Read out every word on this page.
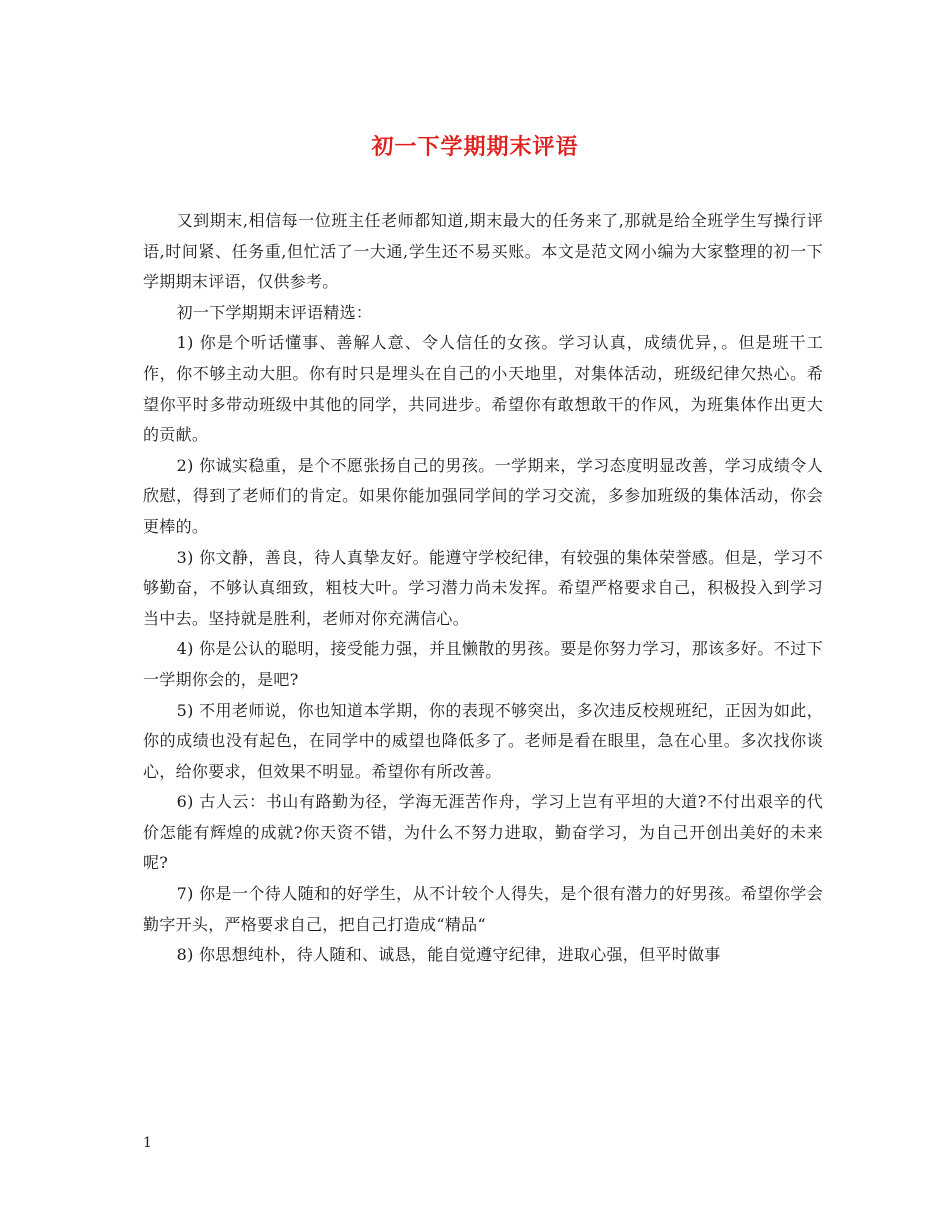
初一下学期期末评语

又到期末,相信每一位班主任老师都知道,期末最大的任务来了,那就是给全班学生写操行评语,时间紧、任务重,但忙活了一大通,学生还不易买账。本文是范文网小编为大家整理的初一下学期期末评语，仅供参考。

初一下学期期末评语精选：

1) 你是个听话懂事、善解人意、令人信任的女孩。学习认真，成绩优异，。但是班干工作，你不够主动大胆。你有时只是埋头在自己的小天地里，对集体活动，班级纪律欠热心。希望你平时多带动班级中其他的同学，共同进步。希望你有敢想敢干的作风，为班集体作出更大的贡献。

2) 你诚实稳重，是个不愿张扬自己的男孩。一学期来，学习态度明显改善，学习成绩令人欣慰，得到了老师们的肯定。如果你能加强同学间的学习交流，多参加班级的集体活动，你会更棒的。

3) 你文静，善良，待人真挚友好。能遵守学校纪律，有较强的集体荣誉感。但是，学习不够勤奋，不够认真细致，粗枝大叶。学习潜力尚未发挥。希望严格要求自己，积极投入到学习当中去。坚持就是胜利，老师对你充满信心。

4) 你是公认的聪明，接受能力强，并且懒散的男孩。要是你努力学习，那该多好。不过下一学期你会的，是吧?

5) 不用老师说，你也知道本学期，你的表现不够突出，多次违反校规班纪，正因为如此，你的成绩也没有起色，在同学中的威望也降低多了。老师是看在眼里，急在心里。多次找你谈心，给你要求，但效果不明显。希望你有所改善。

6) 古人云：书山有路勤为径，学海无涯苦作舟，学习上岂有平坦的大道?不付出艰辛的代价怎能有辉煌的成就?你天资不错，为什么不努力进取，勤奋学习，为自己开创出美好的未来呢?

7) 你是一个待人随和的好学生，从不计较个人得失，是个很有潜力的好男孩。希望你学会勤字开头，严格要求自己，把自己打造成“精品“

8) 你思想纯朴，待人随和、诚恳，能自觉遵守纪律，进取心强，但平时做事

1
